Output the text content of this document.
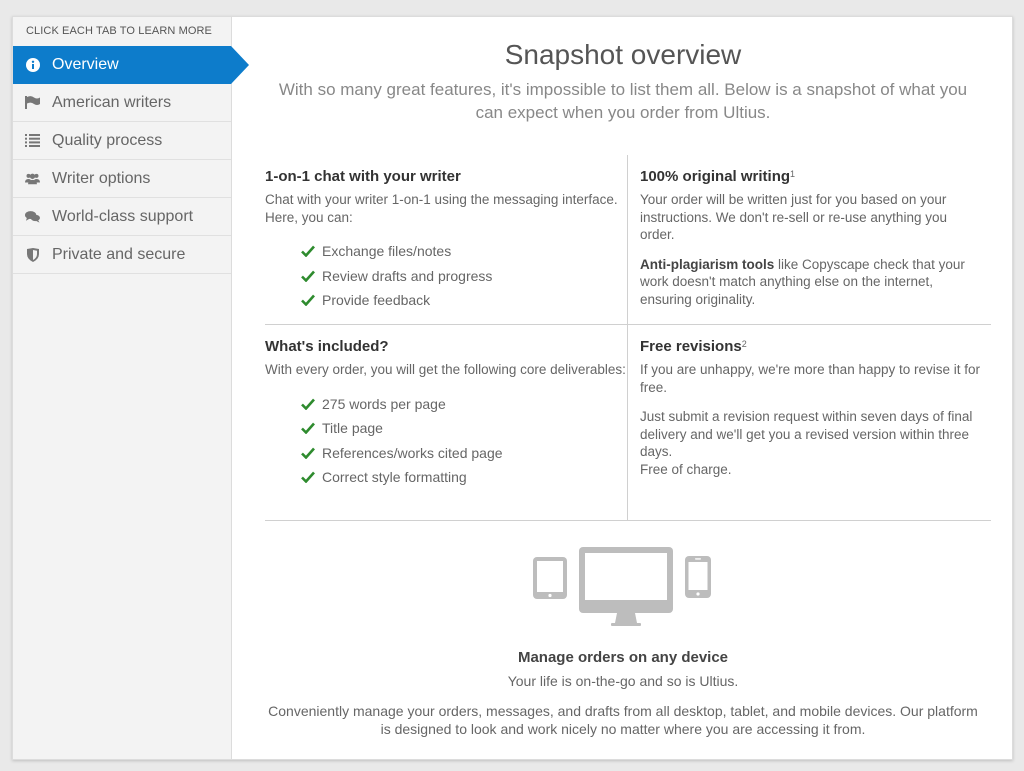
CLICK EACH TAB TO LEARN MORE
Overview
American writers
Quality process
Writer options
World-class support
Private and secure
Snapshot overview
With so many great features, it's impossible to list them all. Below is a snapshot of what you can expect when you order from Ultius.
1-on-1 chat with your writer

Chat with your writer 1-on-1 using the messaging interface. Here, you can:

Exchange files/notes
Review drafts and progress
Provide feedback
100% original writing$^1$

Your order will be written just for you based on your instructions. We don't re-sell or re-use anything you order.

Anti-plagiarism tools like Copyscape check that your work doesn't match anything else on the internet, ensuring originality.

What's included?

With every order, you will get the following core deliverables:

275 words per page
Title page
References/works cited page
Correct style formatting
Free revisions$^2$

If you are unhappy, we're more than happy to revise it for free.

Just submit a revision request within seven days of final delivery and we'll get you a revised version within three days.

Free of charge.

Manage orders on any device
Your life is on-the-go and so is Ultius.
Conveniently manage your orders, messages, and drafts from all desktop, tablet, and mobile devices. Our platform is designed to look and work nicely no matter where you are accessing it from.
